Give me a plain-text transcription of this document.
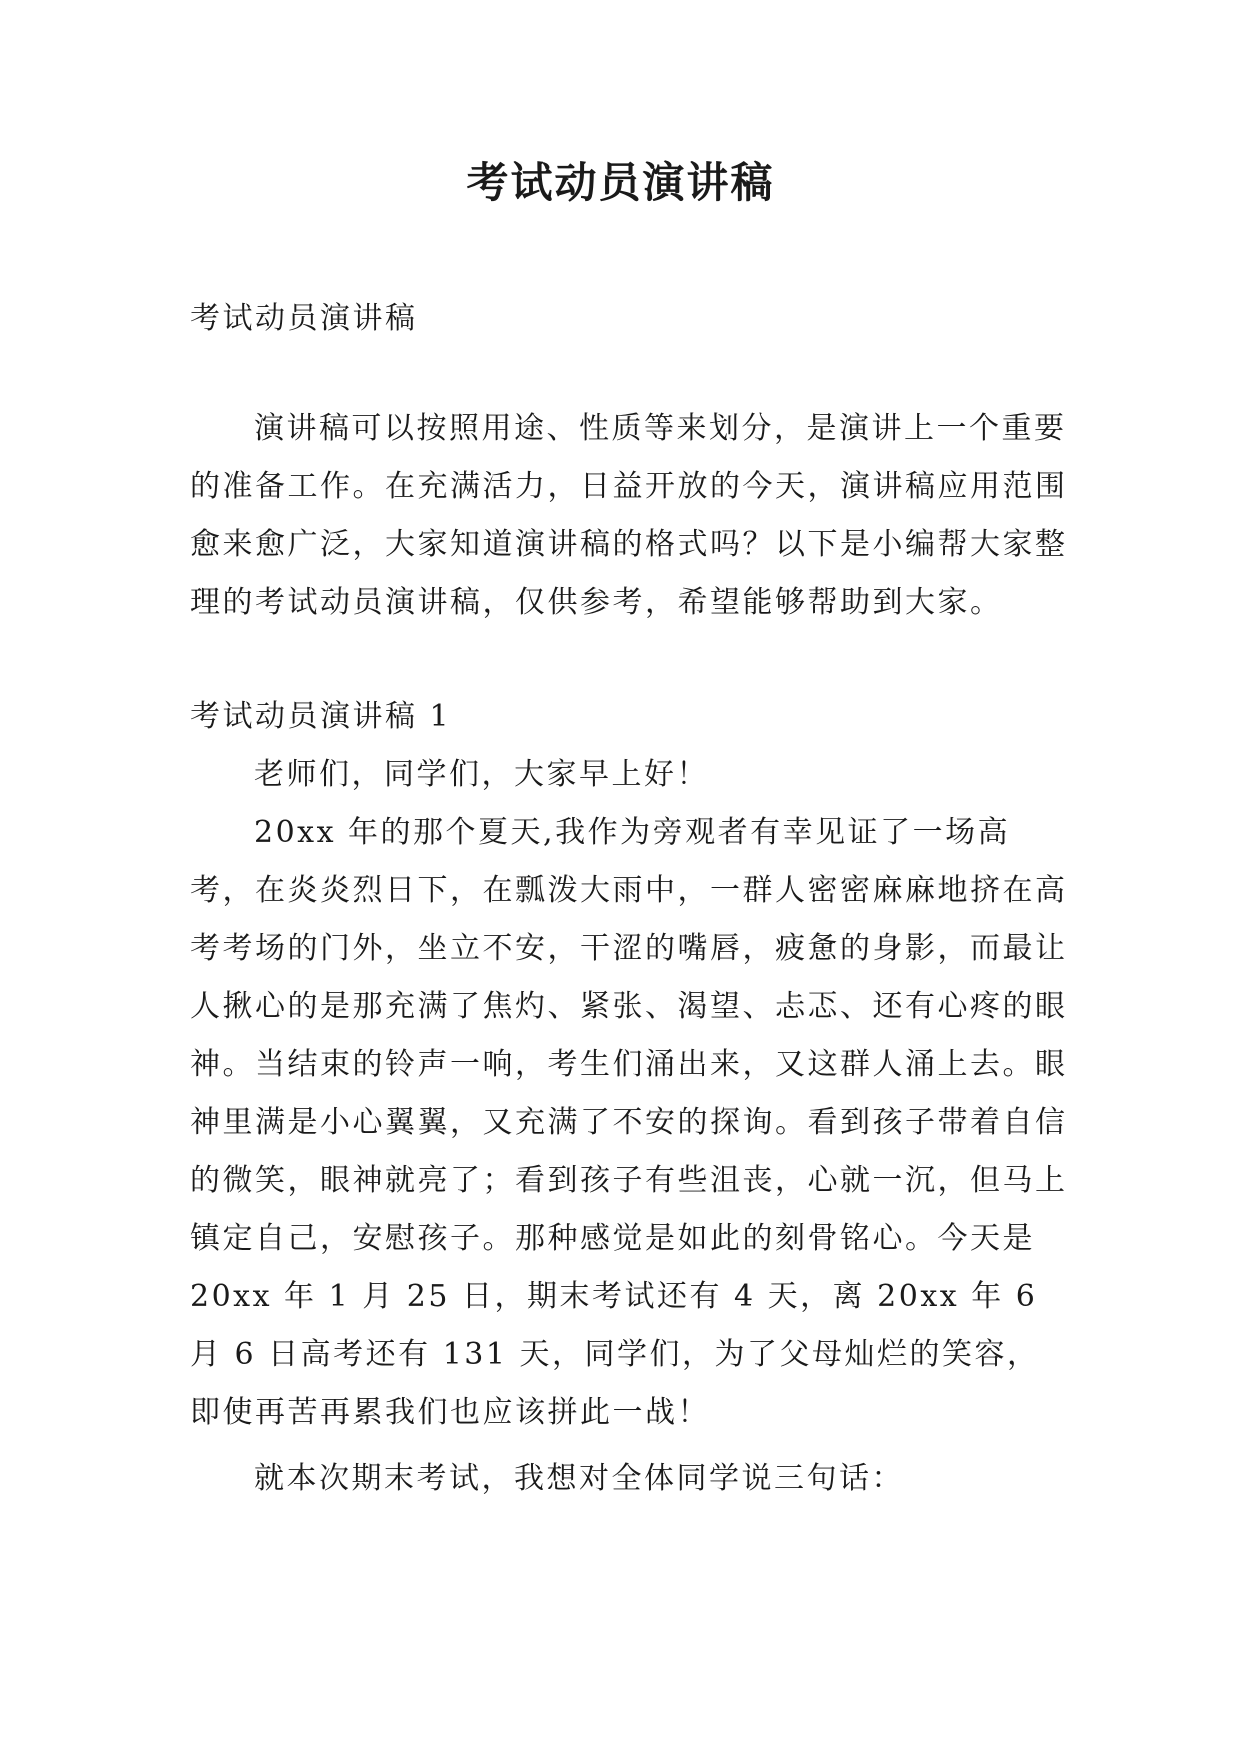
考试动员演讲稿

考试动员演讲稿

演讲稿可以按照用途、性质等来划分，是演讲上一个重要的准备工作。在充满活力，日益开放的今天，演讲稿应用范围愈来愈广泛，大家知道演讲稿的格式吗？以下是小编帮大家整理的考试动员演讲稿，仅供参考，希望能够帮助到大家。

考试动员演讲稿 1

老师们，同学们，大家早上好！

20xx 年的那个夏天,我作为旁观者有幸见证了一场高考，在炎炎烈日下，在瓢泼大雨中，一群人密密麻麻地挤在高考考场的门外，坐立不安，干涩的嘴唇，疲惫的身影，而最让人揪心的是那充满了焦灼、紧张、渴望、忐忑、还有心疼的眼神。当结束的铃声一响，考生们涌出来，又这群人涌上去。眼神里满是小心翼翼，又充满了不安的探询。看到孩子带着自信的微笑，眼神就亮了；看到孩子有些沮丧，心就一沉，但马上镇定自己，安慰孩子。那种感觉是如此的刻骨铭心。今天是 20xx 年 1 月 25 日，期末考试还有 4 天，离 20xx 年 6 月 6 日高考还有 131 天，同学们，为了父母灿烂的笑容，即使再苦再累我们也应该拼此一战！

就本次期末考试，我想对全体同学说三句话：
